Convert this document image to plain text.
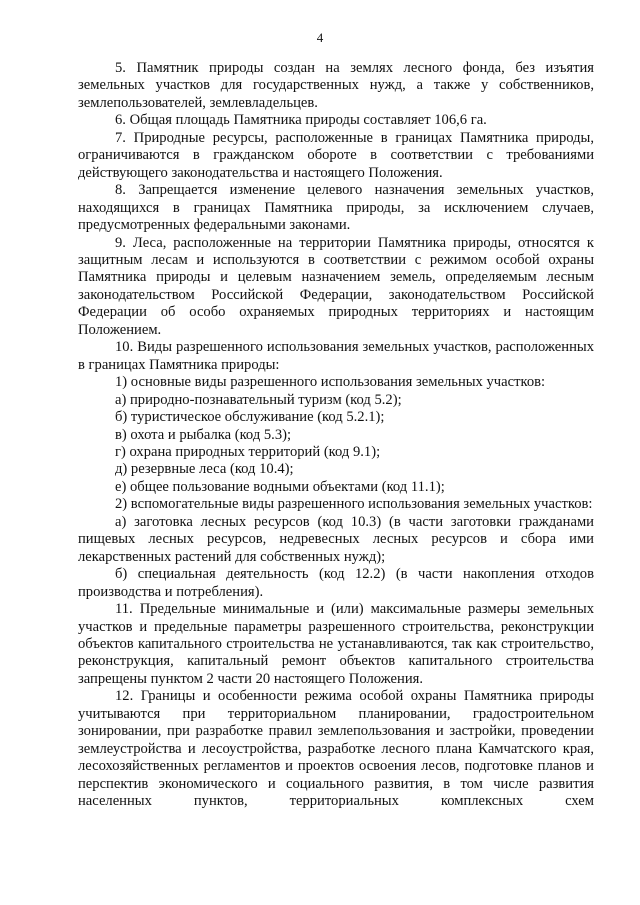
4

5. Памятник природы создан на землях лесного фонда, без изъятия земельных участков для государственных нужд, а также у собственников, землепользователей, землевладельцев.

6. Общая площадь Памятника природы составляет 106,6 га.

7. Природные ресурсы, расположенные в границах Памятника природы, ограничиваются в гражданском обороте в соответствии с требованиями действующего законодательства и настоящего Положения.

8. Запрещается изменение целевого назначения земельных участков, находящихся в границах Памятника природы, за исключением случаев, предусмотренных федеральными законами.

9. Леса, расположенные на территории Памятника природы, относятся к защитным лесам и используются в соответствии с режимом особой охраны Памятника природы и целевым назначением земель, определяемым лесным законодательством Российской Федерации, законодательством Российской Федерации об особо охраняемых природных территориях и настоящим Положением.

10. Виды разрешенного использования земельных участков, расположенных в границах Памятника природы:

1) основные виды разрешенного использования земельных участков:

а) природно-познавательный туризм (код 5.2);

б) туристическое обслуживание (код 5.2.1);

в) охота и рыбалка (код 5.3);

г) охрана природных территорий (код 9.1);

д) резервные леса (код 10.4);

е) общее пользование водными объектами (код 11.1);

2) вспомогательные виды разрешенного использования земельных участков:

а) заготовка лесных ресурсов (код 10.3) (в части заготовки гражданами пищевых лесных ресурсов, недревесных лесных ресурсов и сбора ими лекарственных растений для собственных нужд);

б) специальная деятельность (код 12.2) (в части накопления отходов производства и потребления).

11. Предельные минимальные и (или) максимальные размеры земельных участков и предельные параметры разрешенного строительства, реконструкции объектов капитального строительства не устанавливаются, так как строительство, реконструкция, капитальный ремонт объектов капитального строительства запрещены пунктом 2 части 20 настоящего Положения.

12. Границы и особенности режима особой охраны Памятника природы учитываются при территориальном планировании, градостроительном зонировании, при разработке правил землепользования и застройки, проведении землеустройства и лесоустройства, разработке лесного плана Камчатского края, лесохозяйственных регламентов и проектов освоения лесов, подготовке планов и перспектив экономического и социального развития, в том числе развития населенных пунктов, территориальных комплексных схем
